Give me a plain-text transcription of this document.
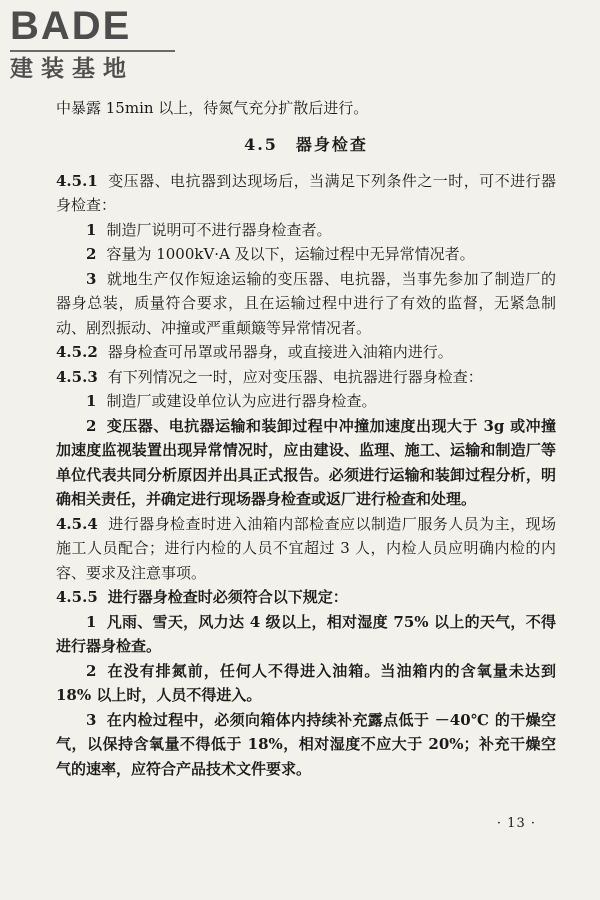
BADE
建装基地

中暴露 15min 以上，待氮气充分扩散后进行。

4.5　器身检查

4.5.1 变压器、电抗器到达现场后，当满足下列条件之一时，可不进行器身检查：

1 制造厂说明可不进行器身检查者。

2 容量为 1000kV·A 及以下，运输过程中无异常情况者。

3 就地生产仅作短途运输的变压器、电抗器，当事先参加了制造厂的器身总装，质量符合要求，且在运输过程中进行了有效的监督，无紧急制动、剧烈振动、冲撞或严重颠簸等异常情况者。

4.5.2 器身检查可吊罩或吊器身，或直接进入油箱内进行。

4.5.3 有下列情况之一时，应对变压器、电抗器进行器身检查：

1 制造厂或建设单位认为应进行器身检查。

2 变压器、电抗器运输和装卸过程中冲撞加速度出现大于 3g 或冲撞加速度监视装置出现异常情况时，应由建设、监理、施工、运输和制造厂等单位代表共同分析原因并出具正式报告。必须进行运输和装卸过程分析，明确相关责任，并确定进行现场器身检查或返厂进行检查和处理。

4.5.4 进行器身检查时进入油箱内部检查应以制造厂服务人员为主，现场施工人员配合；进行内检的人员不宜超过 3 人，内检人员应明确内检的内容、要求及注意事项。

4.5.5 进行器身检查时必须符合以下规定：

1 凡雨、雪天，风力达 4 级以上，相对湿度 75% 以上的天气，不得进行器身检查。

2 在没有排氮前，任何人不得进入油箱。当油箱内的含氧量未达到 18% 以上时，人员不得进入。

3 在内检过程中，必须向箱体内持续补充露点低于 －40℃ 的干燥空气，以保持含氧量不得低于 18%，相对湿度不应大于 20%；补充干燥空气的速率，应符合产品技术文件要求。

· 13 ·
